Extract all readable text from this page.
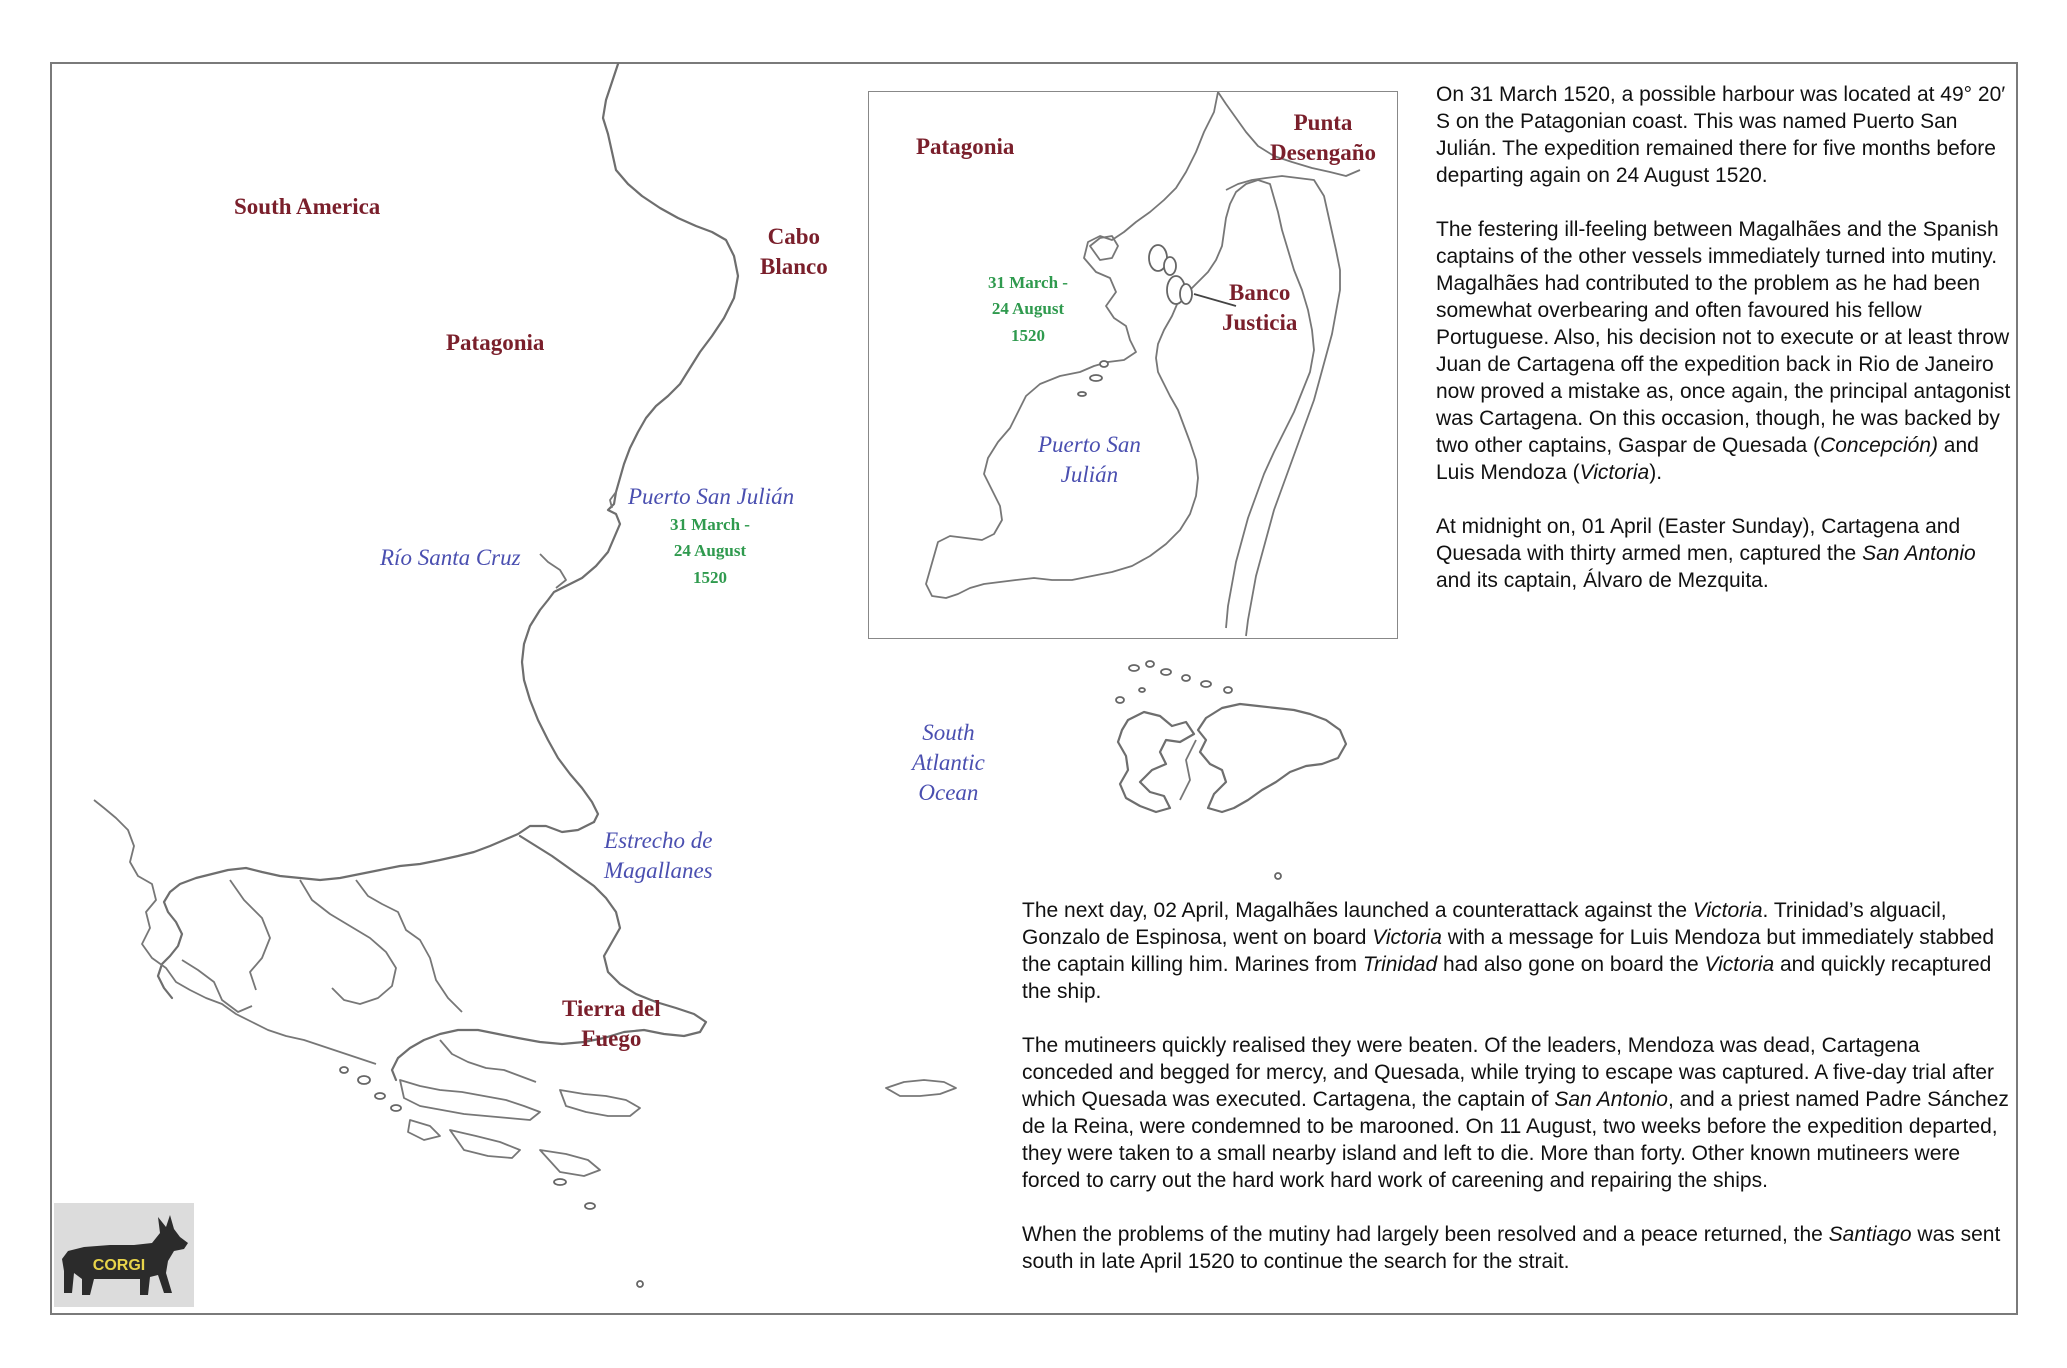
South America
Patagonia
Cabo
Blanco
Puerto San Julián
31 March -
24 August
1520
Río Santa Cruz
South
Atlantic
Ocean
Estrecho de
Magallanes
Tierra del
Fuego
Patagonia
Punta
Desengaño
Banco
Justicia
31 March -
24 August
1520
Puerto San
Julián

On 31 March 1520, a possible harbour was located at 49° 20′ S on the Patagonian coast. This was named Puerto San Julián. The expedition remained there for five months before departing again on 24 August 1520.

The festering ill-feeling between Magalhães and the Spanish captains of the other vessels immediately turned into mutiny. Magalhães had contributed to the problem as he had been somewhat overbearing and often favoured his fellow Portuguese. Also, his decision not to execute or at least throw Juan de Cartagena off the expedition back in Rio de Janeiro now proved a mistake as, once again, the principal antagonist was Cartagena. On this occasion, though, he was backed by two other captains, Gaspar de Quesada (Concepción) and Luis Mendoza (Victoria).

At midnight on, 01 April (Easter Sunday), Cartagena and Quesada with thirty armed men, captured the San Antonio and its captain, Álvaro de Mezquita.

The next day, 02 April, Magalhães launched a counterattack against the Victoria. Trinidad’s alguacil, Gonzalo de Espinosa, went on board Victoria with a message for Luis Mendoza but immediately stabbed the captain killing him. Marines from Trinidad had also gone on board the Victoria and quickly recaptured the ship.

The mutineers quickly realised they were beaten. Of the leaders, Mendoza was dead, Cartagena conceded and begged for mercy, and Quesada, while trying to escape was captured. A five-day trial after which Quesada was executed. Cartagena, the captain of San Antonio, and a priest named Padre Sánchez de la Reina, were condemned to be marooned. On 11 August, two weeks before the expedition departed, they were taken to a small nearby island and left to die. More than forty. Other known mutineers were forced to carry out the hard work hard work of careening and repairing the ships.

When the problems of the mutiny had largely been resolved and a peace returned, the Santiago was sent south in late April 1520 to continue the search for the strait.

CORGI
